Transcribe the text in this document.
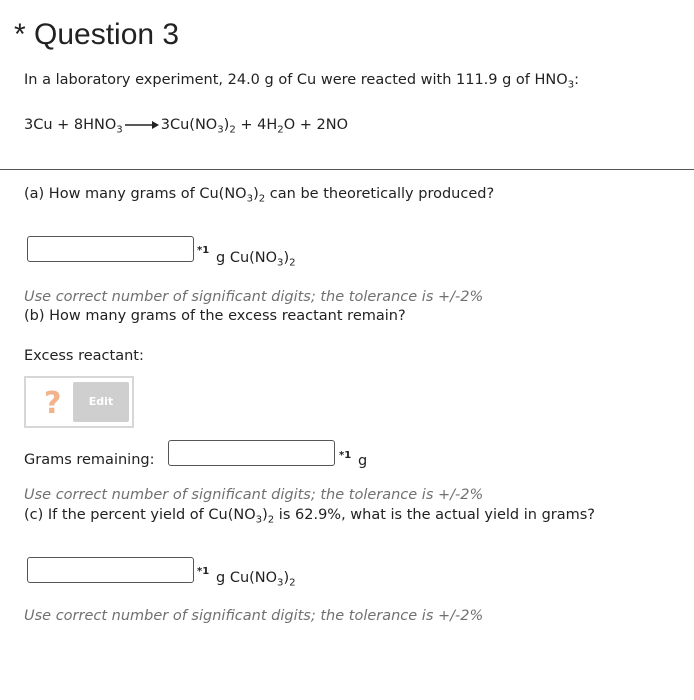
* Question 3
In a laboratory experiment, 24.0 g of Cu were reacted with 111.9 g of $HNO_3$:
$3Cu + 8HNO_3 \to 3Cu(NO_3)_2 + 4H_2O + 2NO$
(a) How many grams of $Cu(NO_3)_2$ can be theoretically produced?
*1 g $Cu(NO_3)_2$
Use correct number of significant digits; the tolerance is +/-2%
(b) How many grams of the excess reactant remain?
Excess reactant:
?	Edit
Grams remaining:	*1 g
Use correct number of significant digits; the tolerance is +/-2%
(c) If the percent yield of $Cu(NO_3)_2$ is 62.9%, what is the actual yield in grams?
*1 g $Cu(NO_3)_2$
Use correct number of significant digits; the tolerance is +/-2%
